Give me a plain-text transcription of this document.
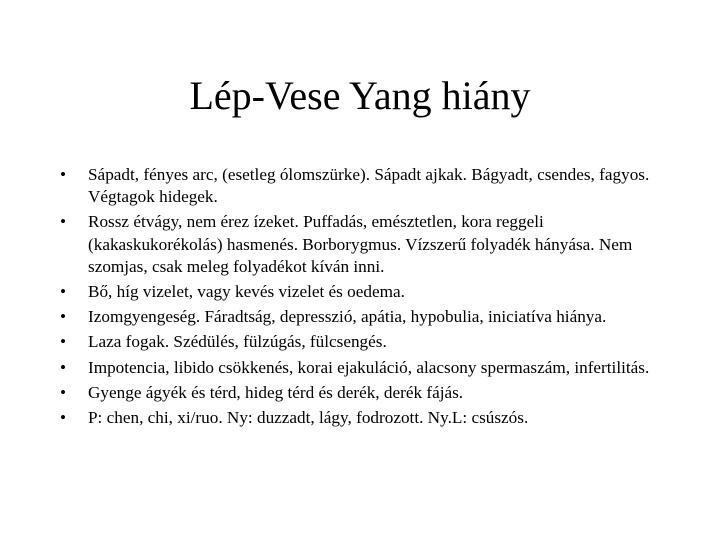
Lép-Vese Yang hiány
•	Sápadt, fényes arc, (esetleg ólomszürke). Sápadt ajkak. Bágyadt, csendes, fagyos. Végtagok hidegek.
•	Rossz étvágy, nem érez ízeket. Puffadás, emésztetlen, kora reggeli (kakaskukorékolás) hasmenés. Borborygmus. Vízszerű folyadék hányása. Nem szomjas, csak meleg folyadékot kíván inni.
•	Bő, híg vizelet, vagy kevés vizelet és oedema.
•	Izomgyengeség. Fáradtság, depresszió, apátia, hypobulia, iniciatíva hiánya.
•	Laza fogak. Szédülés, fülzúgás, fülcsengés.
•	Impotencia, libido csökkenés, korai ejakuláció, alacsony spermaszám, infertilitás.
•	Gyenge ágyék és térd, hideg térd és derék, derék fájás.
•	P: chen, chi, xi/ruo. Ny: duzzadt, lágy, fodrozott. Ny.L: csúszós.
